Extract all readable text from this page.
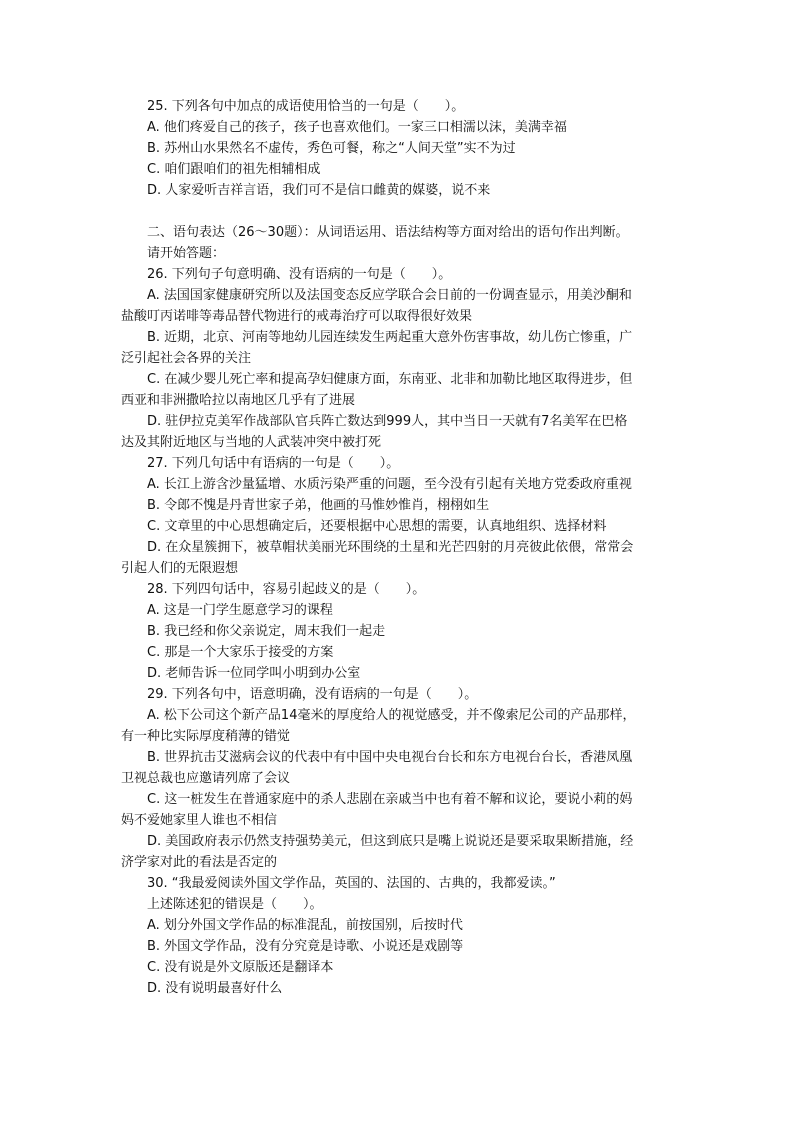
25. 下列各句中加点的成语使用恰当的一句是（　　）。
A. 他们疼爱自己的孩子，孩子也喜欢他们。一家三口相濡以沫，美满幸福
B. 苏州山水果然名不虚传，秀色可餐，称之“人间天堂”实不为过
C. 咱们跟咱们的祖先相辅相成
D. 人家爱听吉祥言语，我们可不是信口雌黄的媒婆，说不来
二、语句表达（26～30题）：从词语运用、语法结构等方面对给出的语句作出判断。
请开始答题：
26. 下列句子句意明确、没有语病的一句是（　　）。
A. 法国国家健康研究所以及法国变态反应学联合会日前的一份调查显示，用美沙酮和
盐酸叮丙诺啡等毒品替代物进行的戒毒治疗可以取得很好效果
B. 近期，北京、河南等地幼儿园连续发生两起重大意外伤害事故，幼儿伤亡惨重，广
泛引起社会各界的关注
C. 在减少婴儿死亡率和提高孕妇健康方面，东南亚、北非和加勒比地区取得进步，但
西亚和非洲撒哈拉以南地区几乎有了进展
D. 驻伊拉克美军作战部队官兵阵亡数达到999人，其中当日一天就有7名美军在巴格
达及其附近地区与当地的人武装冲突中被打死
27. 下列几句话中有语病的一句是（　　）。
A. 长江上游含沙量猛增、水质污染严重的问题，至今没有引起有关地方党委政府重视
B. 令郎不愧是丹青世家子弟，他画的马惟妙惟肖，栩栩如生
C. 文章里的中心思想确定后，还要根据中心思想的需要，认真地组织、选择材料
D. 在众星簇拥下，被草帽状美丽光环围绕的土星和光芒四射的月亮彼此依偎，常常会
引起人们的无限遐想
28. 下列四句话中，容易引起歧义的是（　　）。
A. 这是一门学生愿意学习的课程
B. 我已经和你父亲说定，周末我们一起走
C. 那是一个大家乐于接受的方案
D. 老师告诉一位同学叫小明到办公室
29. 下列各句中，语意明确，没有语病的一句是（　　）。
A. 松下公司这个新产品14毫米的厚度给人的视觉感受，并不像索尼公司的产品那样，
有一种比实际厚度稍薄的错觉
B. 世界抗击艾滋病会议的代表中有中国中央电视台台长和东方电视台台长，香港凤凰
卫视总裁也应邀请列席了会议
C. 这一桩发生在普通家庭中的杀人悲剧在亲戚当中也有着不解和议论，要说小莉的妈
妈不爱她家里人谁也不相信
D. 美国政府表示仍然支持强势美元，但这到底只是嘴上说说还是要采取果断措施，经
济学家对此的看法是否定的
30. “我最爱阅读外国文学作品，英国的、法国的、古典的，我都爱读。”
上述陈述犯的错误是（　　）。
A. 划分外国文学作品的标准混乱，前按国别，后按时代
B. 外国文学作品，没有分究竟是诗歌、小说还是戏剧等
C. 没有说是外文原版还是翻译本
D. 没有说明最喜好什么
